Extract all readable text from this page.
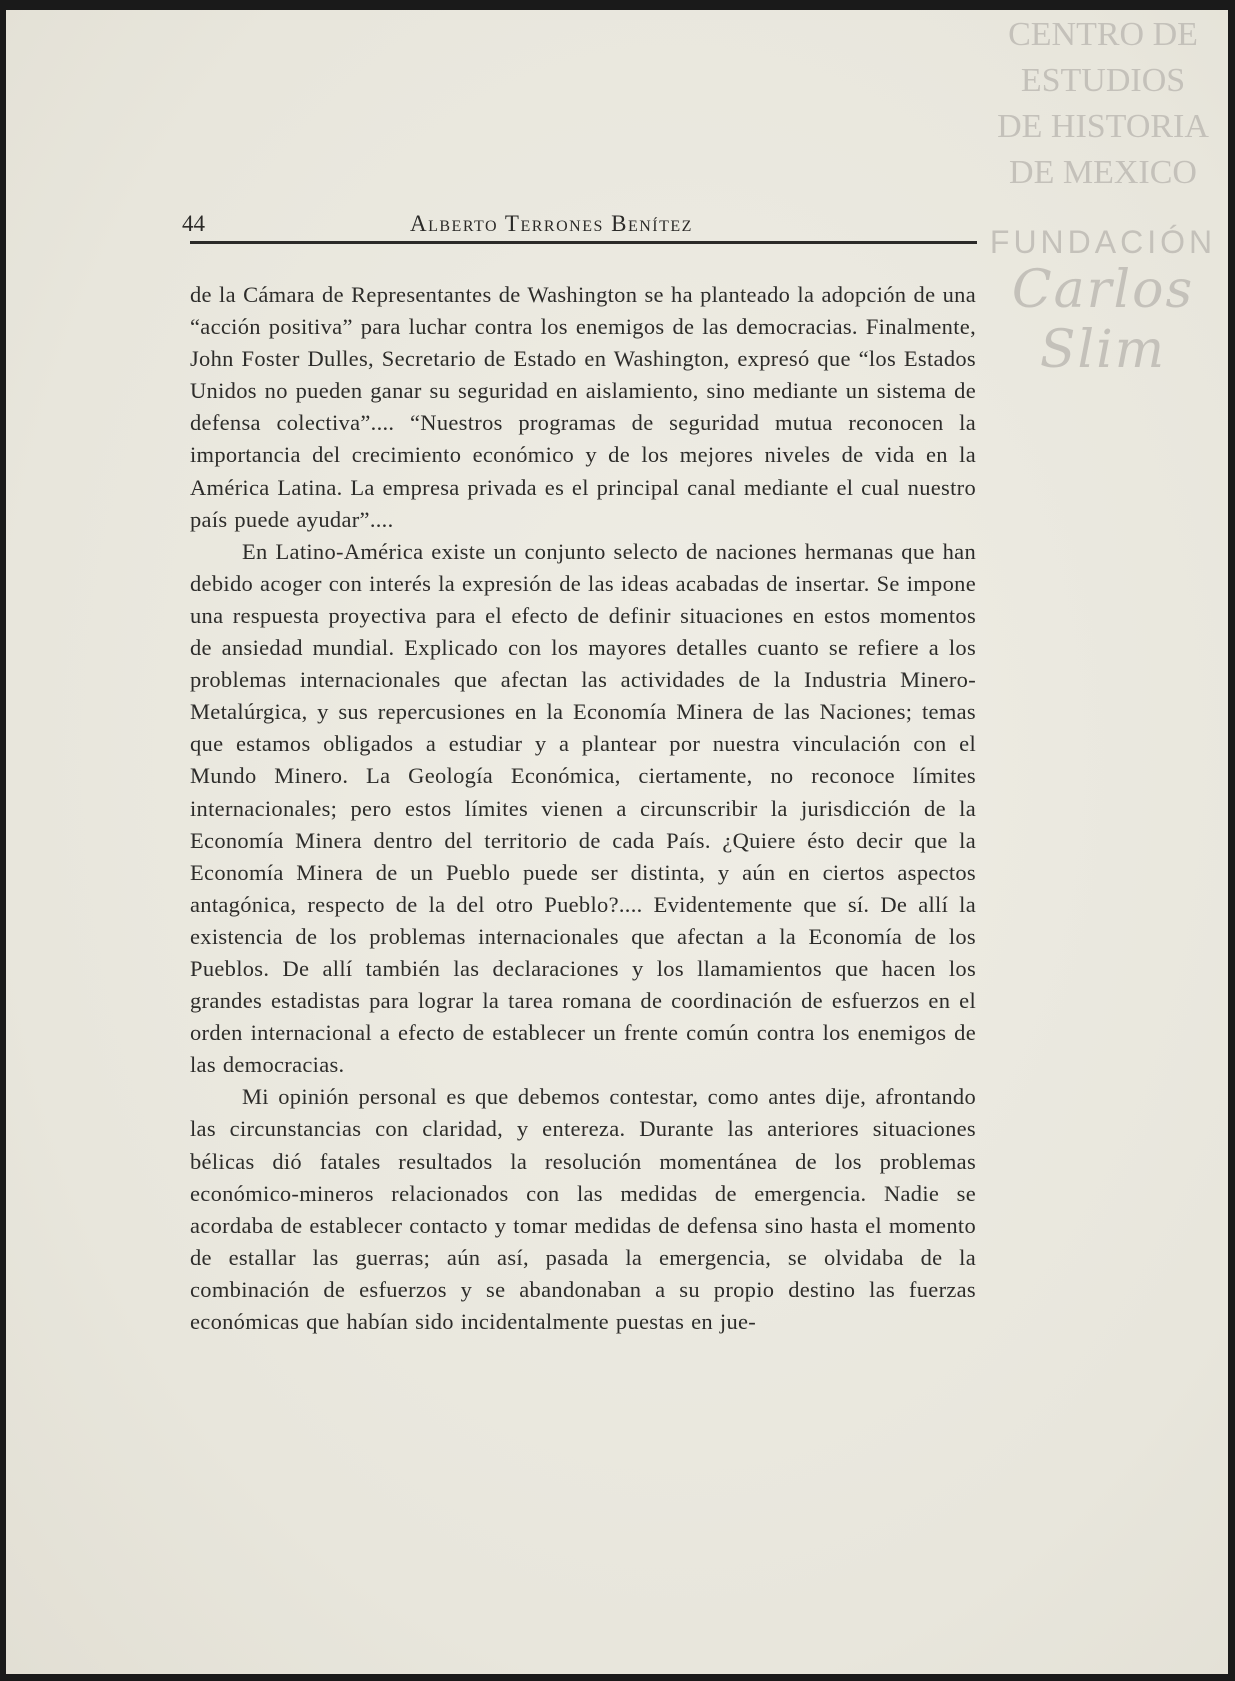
CENTRO DE
ESTUDIOS
DE HISTORIA
DE MEXICO
FUNDACIÓN
Carlos Slim
44	Alberto Terrones Benítez

de la Cámara de Representantes de Washington se ha planteado la adopción de una “acción positiva” para luchar contra los enemigos de las democracias. Finalmente, John Foster Dulles, Secretario de Estado en Washington, expresó que “los Estados Unidos no pueden ganar su seguridad en aislamiento, sino mediante un sistema de defensa colectiva”.... “Nuestros programas de seguridad mutua reconocen la importancia del crecimiento económico y de los mejores niveles de vida en la América Latina. La empresa privada es el principal canal mediante el cual nuestro país puede ayudar”....

En Latino-América existe un conjunto selecto de naciones hermanas que han debido acoger con interés la expresión de las ideas acabadas de insertar. Se impone una respuesta proyectiva para el efecto de definir situaciones en estos momentos de ansiedad mundial. Explicado con los mayores detalles cuanto se refiere a los problemas internacionales que afectan las actividades de la Industria Minero-Metalúrgica, y sus repercusiones en la Economía Minera de las Naciones; temas que estamos obligados a estudiar y a plantear por nuestra vinculación con el Mundo Minero. La Geología Económica, ciertamente, no reconoce límites internacionales; pero estos límites vienen a circunscribir la jurisdicción de la Economía Minera dentro del territorio de cada País. ¿Quiere ésto decir que la Economía Minera de un Pueblo puede ser distinta, y aún en ciertos aspectos antagónica, respecto de la del otro Pueblo?.... Evidentemente que sí. De allí la existencia de los problemas internacionales que afectan a la Economía de los Pueblos. De allí también las declaraciones y los llamamientos que hacen los grandes estadistas para lograr la tarea romana de coordinación de esfuerzos en el orden internacional a efecto de establecer un frente común contra los enemigos de las democracias.

Mi opinión personal es que debemos contestar, como antes dije, afrontando las circunstancias con claridad, y entereza. Durante las anteriores situaciones bélicas dió fatales resultados la resolución momentánea de los problemas económico-mineros relacionados con las medidas de emergencia. Nadie se acordaba de establecer contacto y tomar medidas de defensa sino hasta el momento de estallar las guerras; aún así, pasada la emergencia, se olvidaba de la combinación de esfuerzos y se abandonaban a su propio destino las fuerzas económicas que habían sido incidentalmente puestas en jue-
